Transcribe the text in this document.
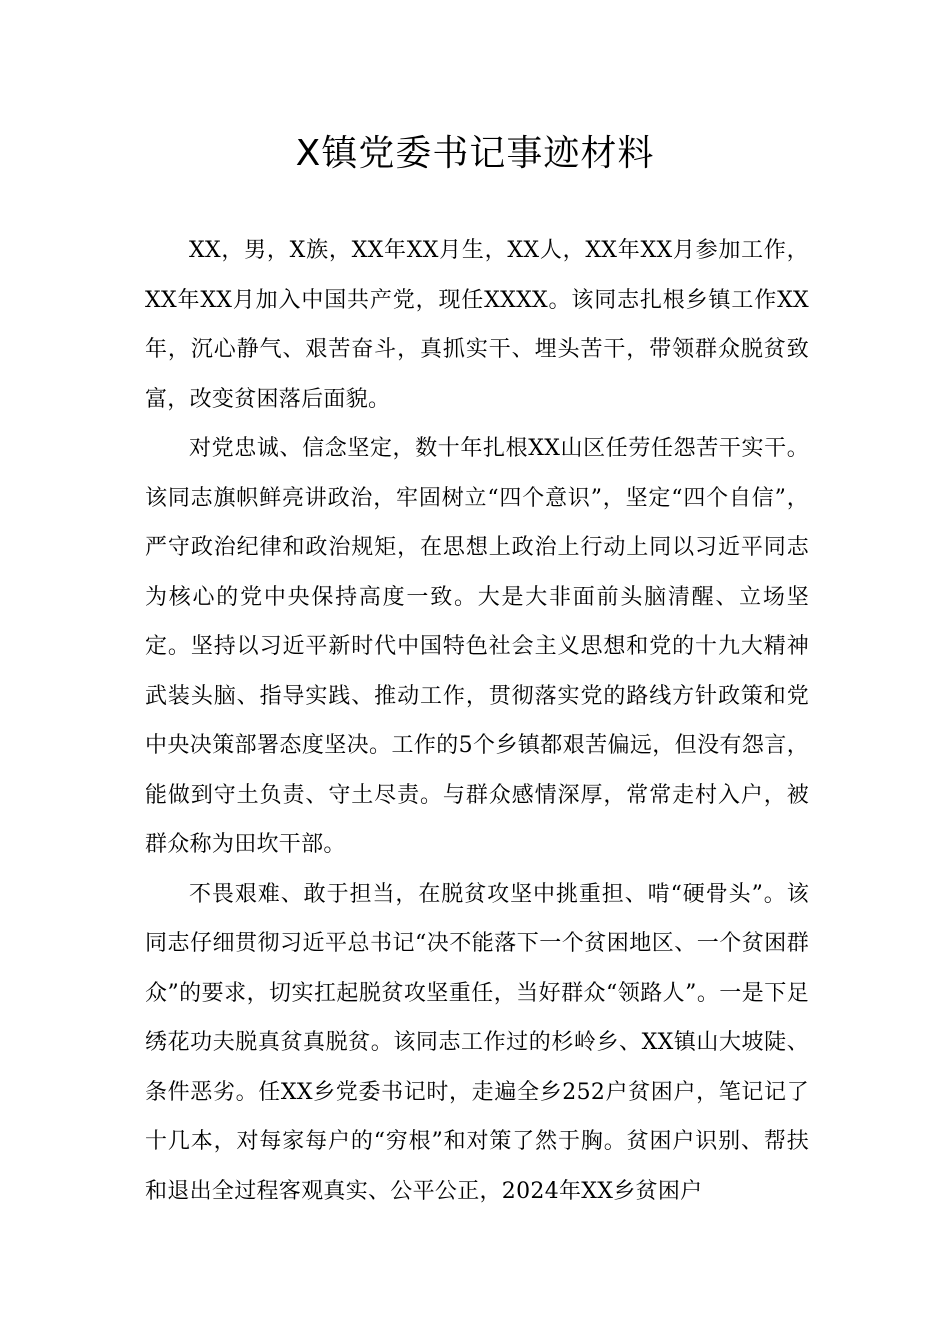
X镇党委书记事迹材料

XX，男，X族，XX年XX月生，XX人，XX年XX月参加工作，XX年XX月加入中国共产党，现任XXXX。该同志扎根乡镇工作XX年，沉心静气、艰苦奋斗，真抓实干、埋头苦干，带领群众脱贫致富，改变贫困落后面貌。

对党忠诚、信念坚定，数十年扎根XX山区任劳任怨苦干实干。该同志旗帜鲜亮讲政治，牢固树立“四个意识”，坚定“四个自信”，严守政治纪律和政治规矩，在思想上政治上行动上同以习近平同志为核心的党中央保持高度一致。大是大非面前头脑清醒、立场坚定。坚持以习近平新时代中国特色社会主义思想和党的十九大精神武装头脑、指导实践、推动工作，贯彻落实党的路线方针政策和党中央决策部署态度坚决。工作的5个乡镇都艰苦偏远，但没有怨言，能做到守土负责、守土尽责。与群众感情深厚，常常走村入户，被群众称为田坎干部。

不畏艰难、敢于担当，在脱贫攻坚中挑重担、啃“硬骨头”。该同志仔细贯彻习近平总书记“决不能落下一个贫困地区、一个贫困群众”的要求，切实扛起脱贫攻坚重任，当好群众“领路人”。一是下足绣花功夫脱真贫真脱贫。该同志工作过的杉岭乡、XX镇山大坡陡、条件恶劣。任XX乡党委书记时，走遍全乡252户贫困户，笔记记了十几本，对每家每户的“穷根”和对策了然于胸。贫困户识别、帮扶和退出全过程客观真实、公平公正，2024年XX乡贫困户
